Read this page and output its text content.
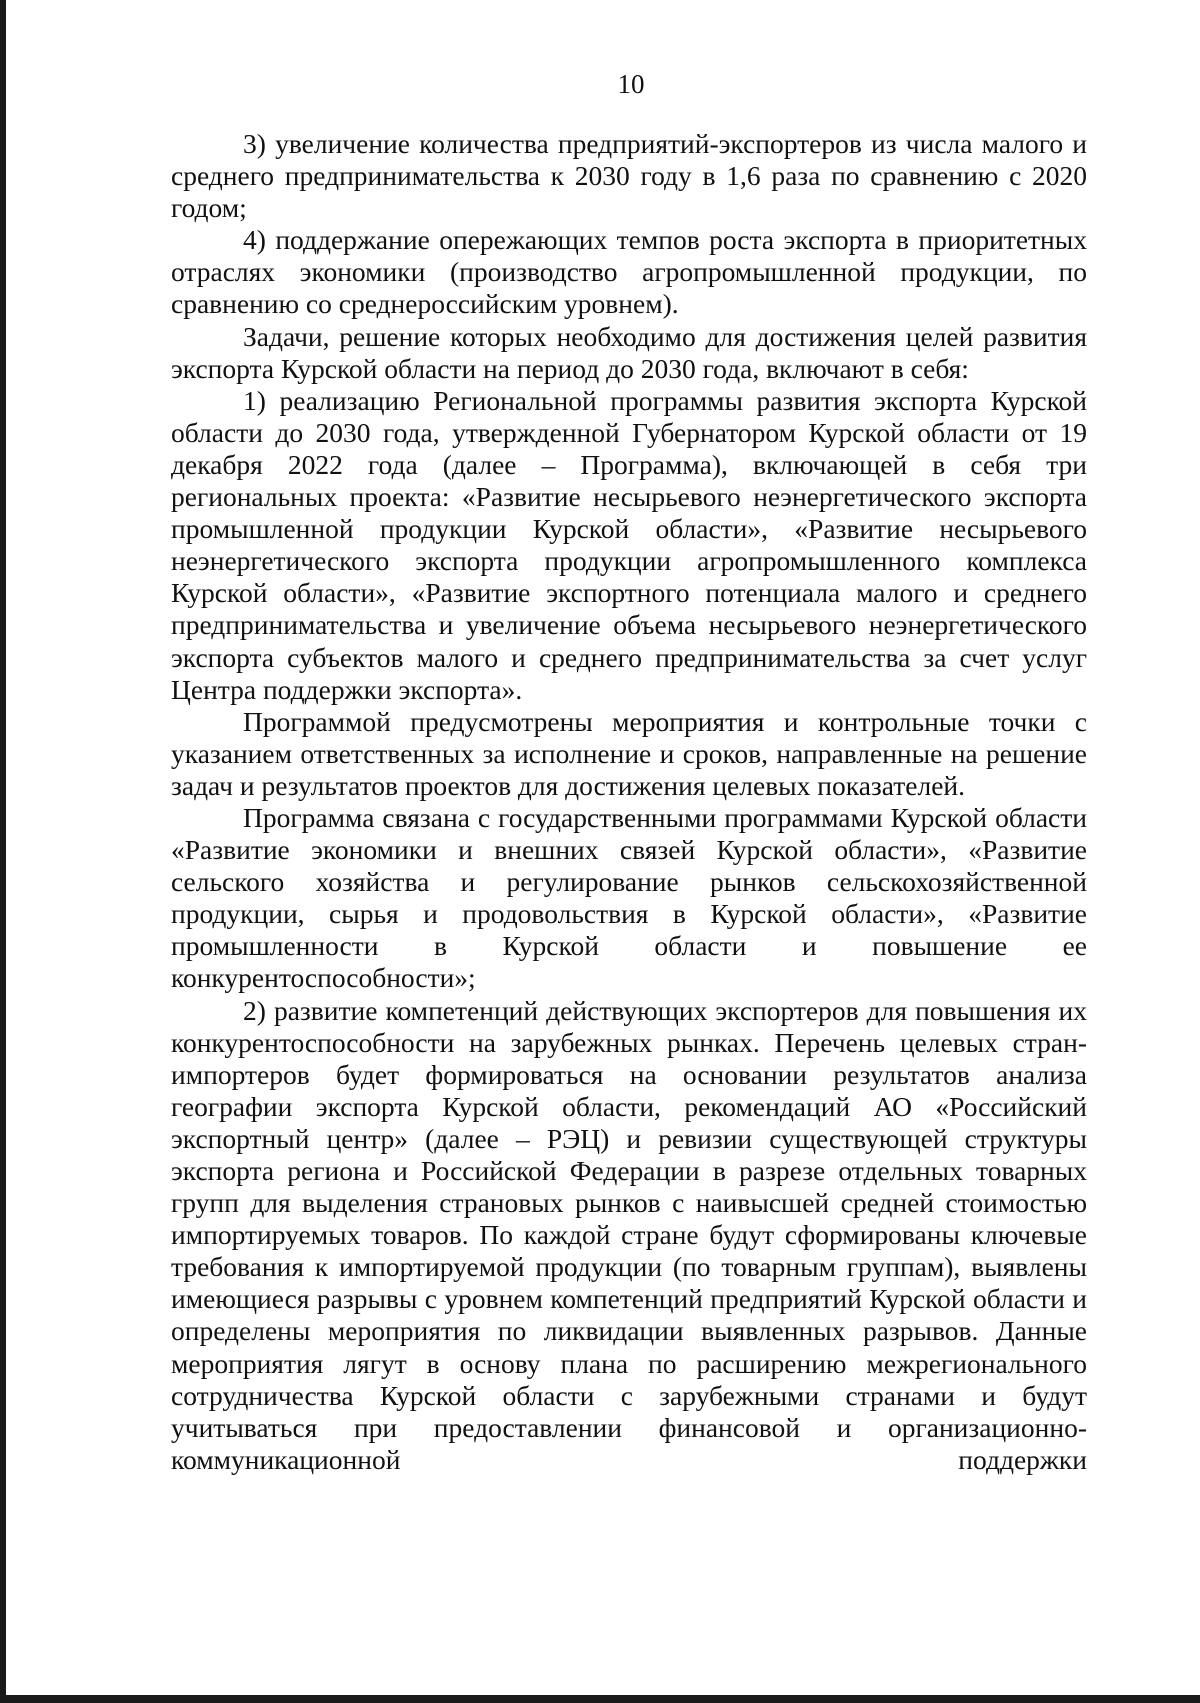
10

3) увеличение количества предприятий-экспортеров из числа малого и среднего предпринимательства к 2030 году в 1,6 раза по сравнению с 2020 годом;

4) поддержание опережающих темпов роста экспорта в приоритетных отраслях экономики (производство агропромышленной продукции, по сравнению со среднероссийским уровнем).

Задачи, решение которых необходимо для достижения целей развития экспорта Курской области на период до 2030 года, включают в себя:

1) реализацию Региональной программы развития экспорта Курской области до 2030 года, утвержденной Губернатором Курской области от 19 декабря 2022 года (далее – Программа), включающей в себя три региональных проекта: «Развитие несырьевого неэнергетического экспорта промышленной продукции Курской области», «Развитие несырьевого неэнергетического экспорта продукции агропромышленного комплекса Курской области», «Развитие экспортного потенциала малого и среднего предпринимательства и увеличение объема несырьевого неэнергетического экспорта субъектов малого и среднего предпринимательства за счет услуг Центра поддержки экспорта».

Программой предусмотрены мероприятия и контрольные точки с указанием ответственных за исполнение и сроков, направленные на решение задач и результатов проектов для достижения целевых показателей.

Программа связана с государственными программами Курской области «Развитие экономики и внешних связей Курской области», «Развитие сельского хозяйства и регулирование рынков сельскохозяйственной продукции, сырья и продовольствия в Курской области», «Развитие промышленности в Курской области и повышение ее конкурентоспособности»;

2) развитие компетенций действующих экспортеров для повышения их конкурентоспособности на зарубежных рынках. Перечень целевых стран-импортеров будет формироваться на основании результатов анализа географии экспорта Курской области, рекомендаций АО «Российский экспортный центр» (далее – РЭЦ) и ревизии существующей структуры экспорта региона и Российской Федерации в разрезе отдельных товарных групп для выделения страновых рынков с наивысшей средней стоимостью импортируемых товаров. По каждой стране будут сформированы ключевые требования к импортируемой продукции (по товарным группам), выявлены имеющиеся разрывы с уровнем компетенций предприятий Курской области и определены мероприятия по ликвидации выявленных разрывов. Данные мероприятия лягут в основу плана по расширению межрегионального сотрудничества Курской области с зарубежными странами и будут учитываться при предоставлении финансовой и организационно-коммуникационной поддержки
